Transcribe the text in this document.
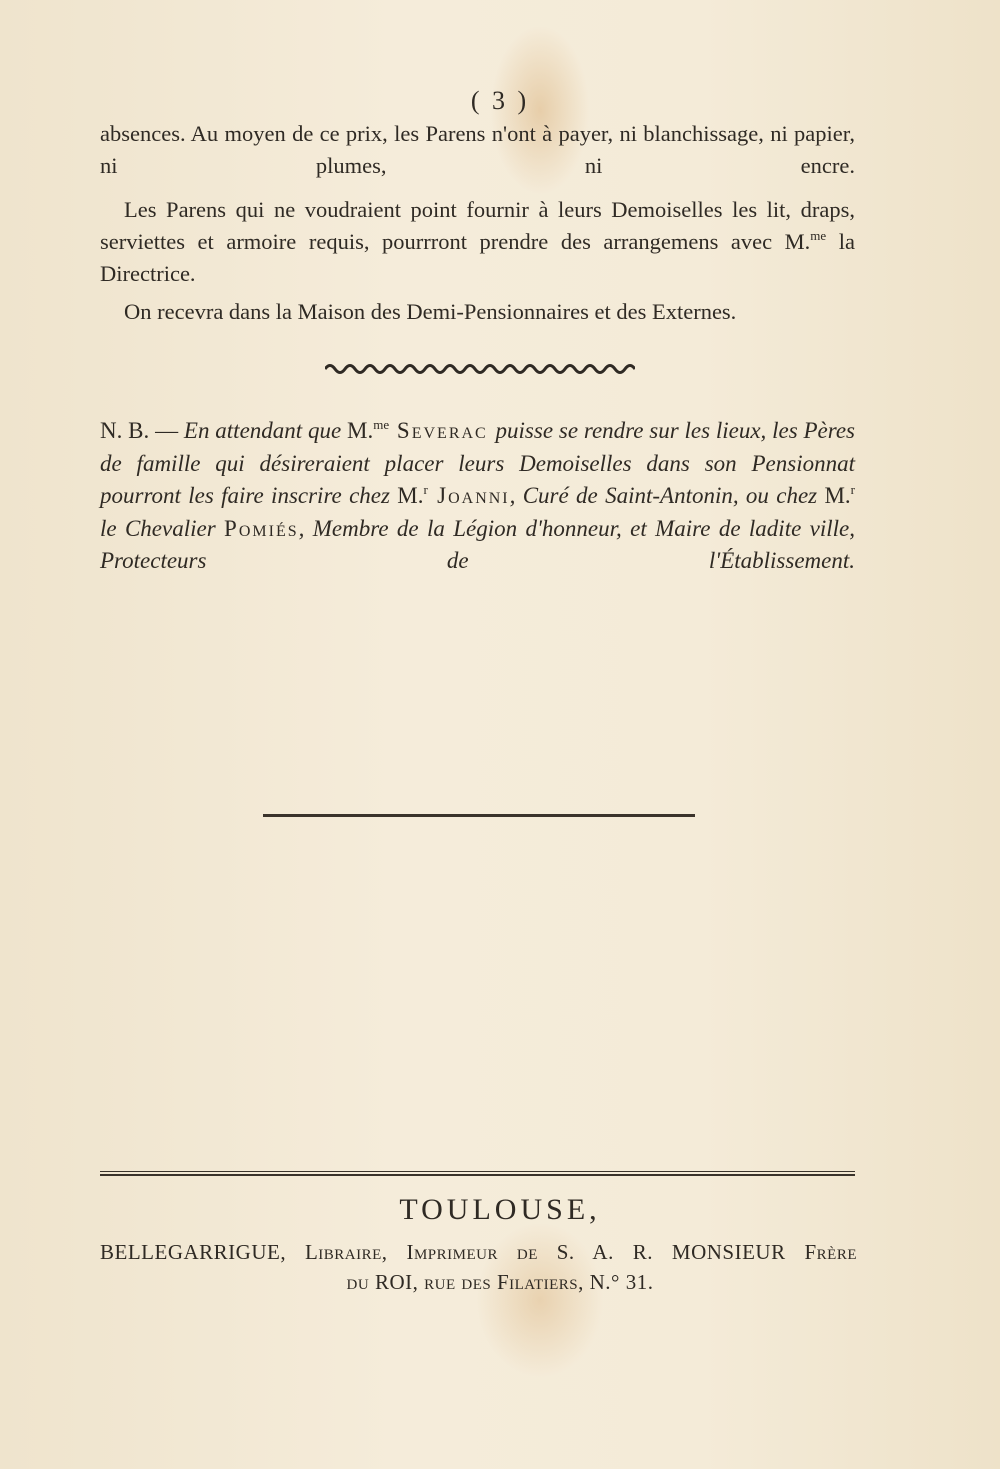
( 3 )
absences. Au moyen de ce prix, les Parens n'ont à payer, ni blanchissage, ni papier, ni plumes, ni encre.
Les Parens qui ne voudraient point fournir à leurs Demoiselles les lit, draps, serviettes et armoire requis, pourrront prendre des arrangemens avec M.$^{me}$ la Directrice.
On recevra dans la Maison des Demi-Pensionnaires et des Externes.
N. B. — En attendant que M.$^{me}$ Severac puisse se rendre sur les lieux, les Pères de famille qui désireraient placer leurs Demoiselles dans son Pensionnat pourront les faire inscrire chez M.$^r$ Joanni, Curé de Saint-Antonin, ou chez M.$^r$ le Chevalier Pomiés, Membre de la Légion d'honneur, et Maire de ladite ville, Protecteurs de l'Établissement.
TOULOUSE,
BELLEGARRIGUE, Libraire, Imprimeur de S. A. R. MONSIEUR Frère
du ROI, rue des Filatiers, N.° 31.
